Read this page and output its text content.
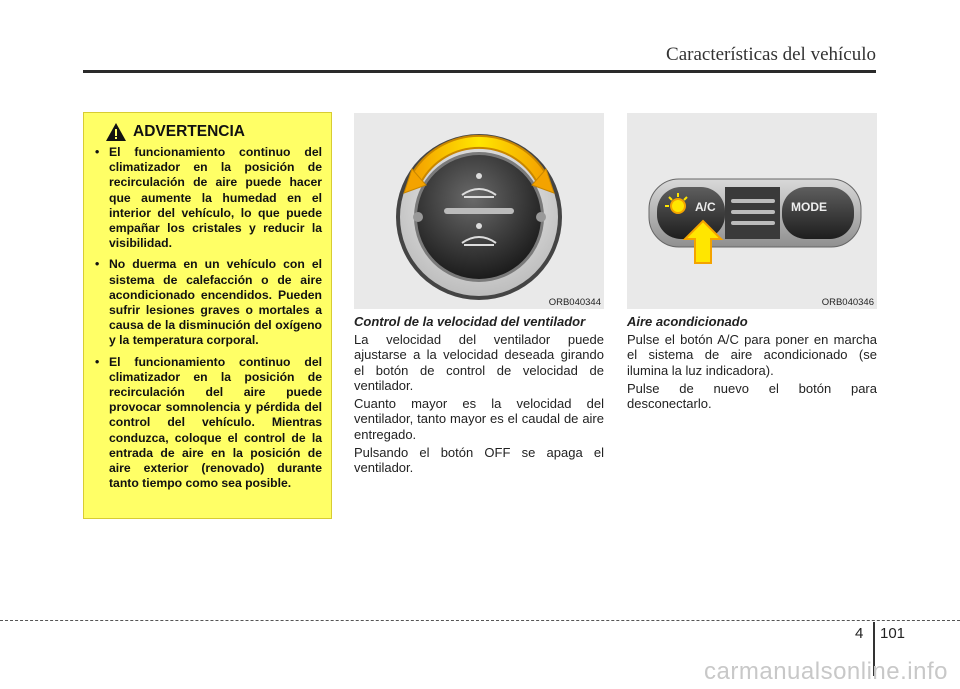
Características del vehículo
ADVERTENCIA
• El funcionamiento continuo del climatizador en la posición de recirculación de aire puede hacer que aumente la humedad en el interior del vehículo, lo que puede empañar los cristales y reducir la visibilidad.
• No duerma en un vehículo con el sistema de calefacción o de aire acondicionado encendidos. Pueden sufrir lesiones graves o mortales a causa de la disminución del oxígeno y la temperatura corporal.
• El funcionamiento continuo del climatizador en la posición de recirculación del aire puede provocar somnolencia y pérdida del control del vehículo. Mientras conduzca, coloque el control de la entrada de aire en la posición de aire exterior (renovado) durante tanto tiempo como sea posible.
ORB040344
A/C	MODE
ORB040346
Control de la velocidad del ventilador

La velocidad del ventilador puede ajustarse a la velocidad deseada girando el botón de control de velocidad de ventilador.

Cuanto mayor es la velocidad del ventilador, tanto mayor es el caudal de aire entregado.

Pulsando el botón OFF se apaga el ventilador.

Aire acondicionado

Pulse el botón A/C para poner en marcha el sistema de aire acondicionado (se ilumina la luz indicadora).

Pulse de nuevo el botón para desconectarlo.

4 101
carmanualsonline.info
